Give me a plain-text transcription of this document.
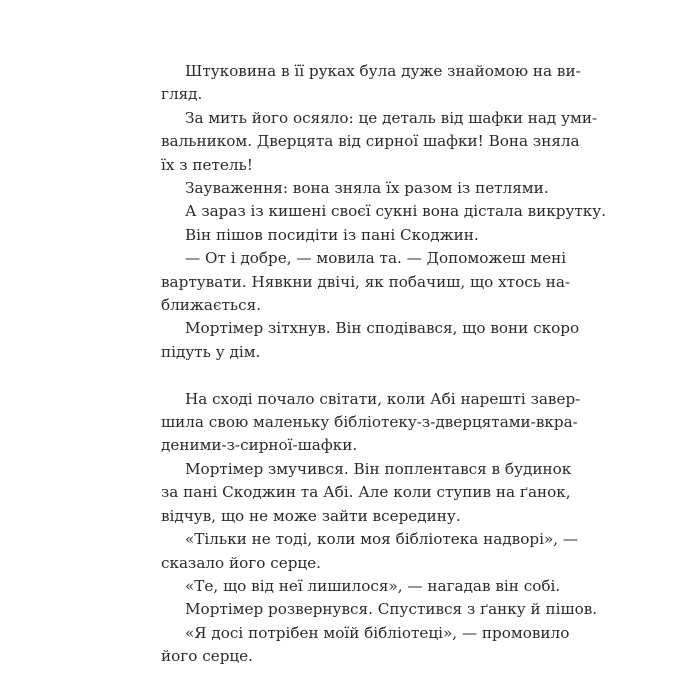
Штуковина в її руках була дуже знайомою на ви-
гляд.
За мить його осяяло: це деталь від шафки над уми-
вальником. Дверцята від сирної шафки! Вона зняла
їх з петель!
Зауваження: вона зняла їх разом із петлями.
А зараз із кишені своєї сукні вона дістала викрутку.
Він пішов посидіти із пані Скоджин.
— От і добре, — мовила та. — Допоможеш мені
вартувати. Нявкни двічі, як побачиш, що хтось на-
ближається.
Мортімер зітхнув. Він сподівався, що вони скоро
підуть у дім.
На сході почало світати, коли Абі нарешті завер-
шила свою маленьку бібліотеку-з-дверцятами-вкра-
деними-з-сирної-шафки.
Мортімер змучився. Він поплентався в будинок
за пані Скоджин та Абі. Але коли ступив на ґанок,
відчув, що не може зайти всередину.
«Тільки не тоді, коли моя бібліотека надворі», —
сказало його серце.
«Те, що від неї лишилося», — нагадав він собі.
Мортімер розвернувся. Спустився з ґанку й пішов.
«Я досі потрібен моїй бібліотеці», — промовило
його серце.
